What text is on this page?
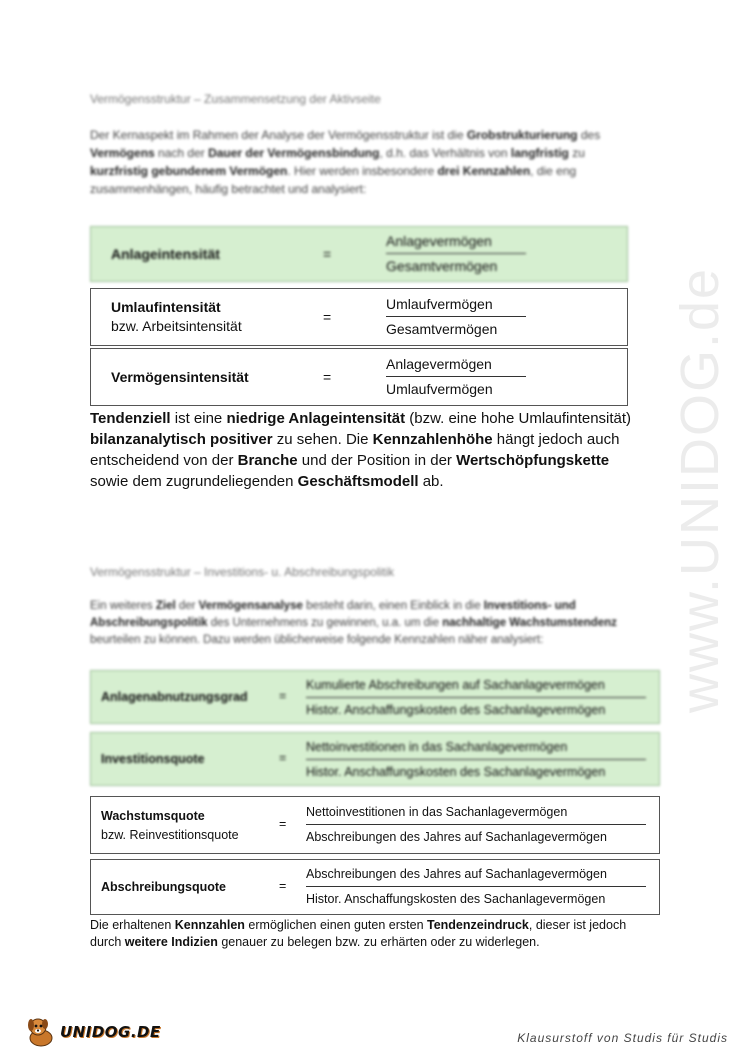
www.UNIDOG.de
Vermögensstruktur – Zusammensetzung der Aktivseite
Der Kernaspekt im Rahmen der Analyse der Vermögensstruktur ist die Grobstrukturierung des Vermögens nach der Dauer der Vermögensbindung, d.h. das Verhältnis von langfristig zu kurzfristig gebundenem Vermögen. Hier werden insbesondere drei Kennzahlen, die eng zusammenhängen, häufig betrachtet und analysiert:
Anlageintensität	=	$\frac{\text{Anlagevermögen}}{\text{Gesamtvermögen}}$
Umlaufintensität
bzw. Arbeitsintensität
=	$\frac{\text{Umlaufvermögen}}{\text{Gesamtvermögen}}$
Vermögensintensität	=	$\frac{\text{Anlagevermögen}}{\text{Umlaufvermögen}}$
Tendenziell ist eine niedrige Anlageintensität (bzw. eine hohe Umlaufintensität) bilanzanalytisch positiver zu sehen. Die Kennzahlenhöhe hängt jedoch auch entscheidend von der Branche und der Position in der Wertschöpfungskette sowie dem zugrundeliegenden Geschäftsmodell ab.
Vermögensstruktur – Investitions- u. Abschreibungspolitik
Ein weiteres Ziel der Vermögensanalyse besteht darin, einen Einblick in die Investitions- und Abschreibungspolitik des Unternehmens zu gewinnen, u.a. um die nachhaltige Wachstumstendenz beurteilen zu können. Dazu werden üblicherweise folgende Kennzahlen näher analysiert:
Anlagenabnutzungsgrad	= $\frac{\text{Kumulierte Abschreibungen auf Sachanlagevermögen}}{\text{Histor. Anschaffungskosten des Sachanlagevermögen}}$
Investitionsquote	= $\frac{\text{Nettoinvestitionen in das Sachanlagevermögen}}{\text{Histor. Anschaffungskosten des Sachanlagevermögen}}$
Wachstumsquote
bzw. Reinvestitionsquote
= $\frac{\text{Nettoinvestitionen in das Sachanlagevermögen}}{\text{Abschreibungen des Jahres auf Sachanlagevermögen}}$
Abschreibungsquote	= $\frac{\text{Abschreibungen des Jahres auf Sachanlagevermögen}}{\text{Histor. Anschaffungskosten des Sachanlagevermögen}}$
Die erhaltenen Kennzahlen ermöglichen einen guten ersten Tendenzeindruck, dieser ist jedoch durch weitere Indizien genauer zu belegen bzw. zu erhärten oder zu widerlegen.
UNIDOG.DE	Klausurstoff von Studis für Studis
